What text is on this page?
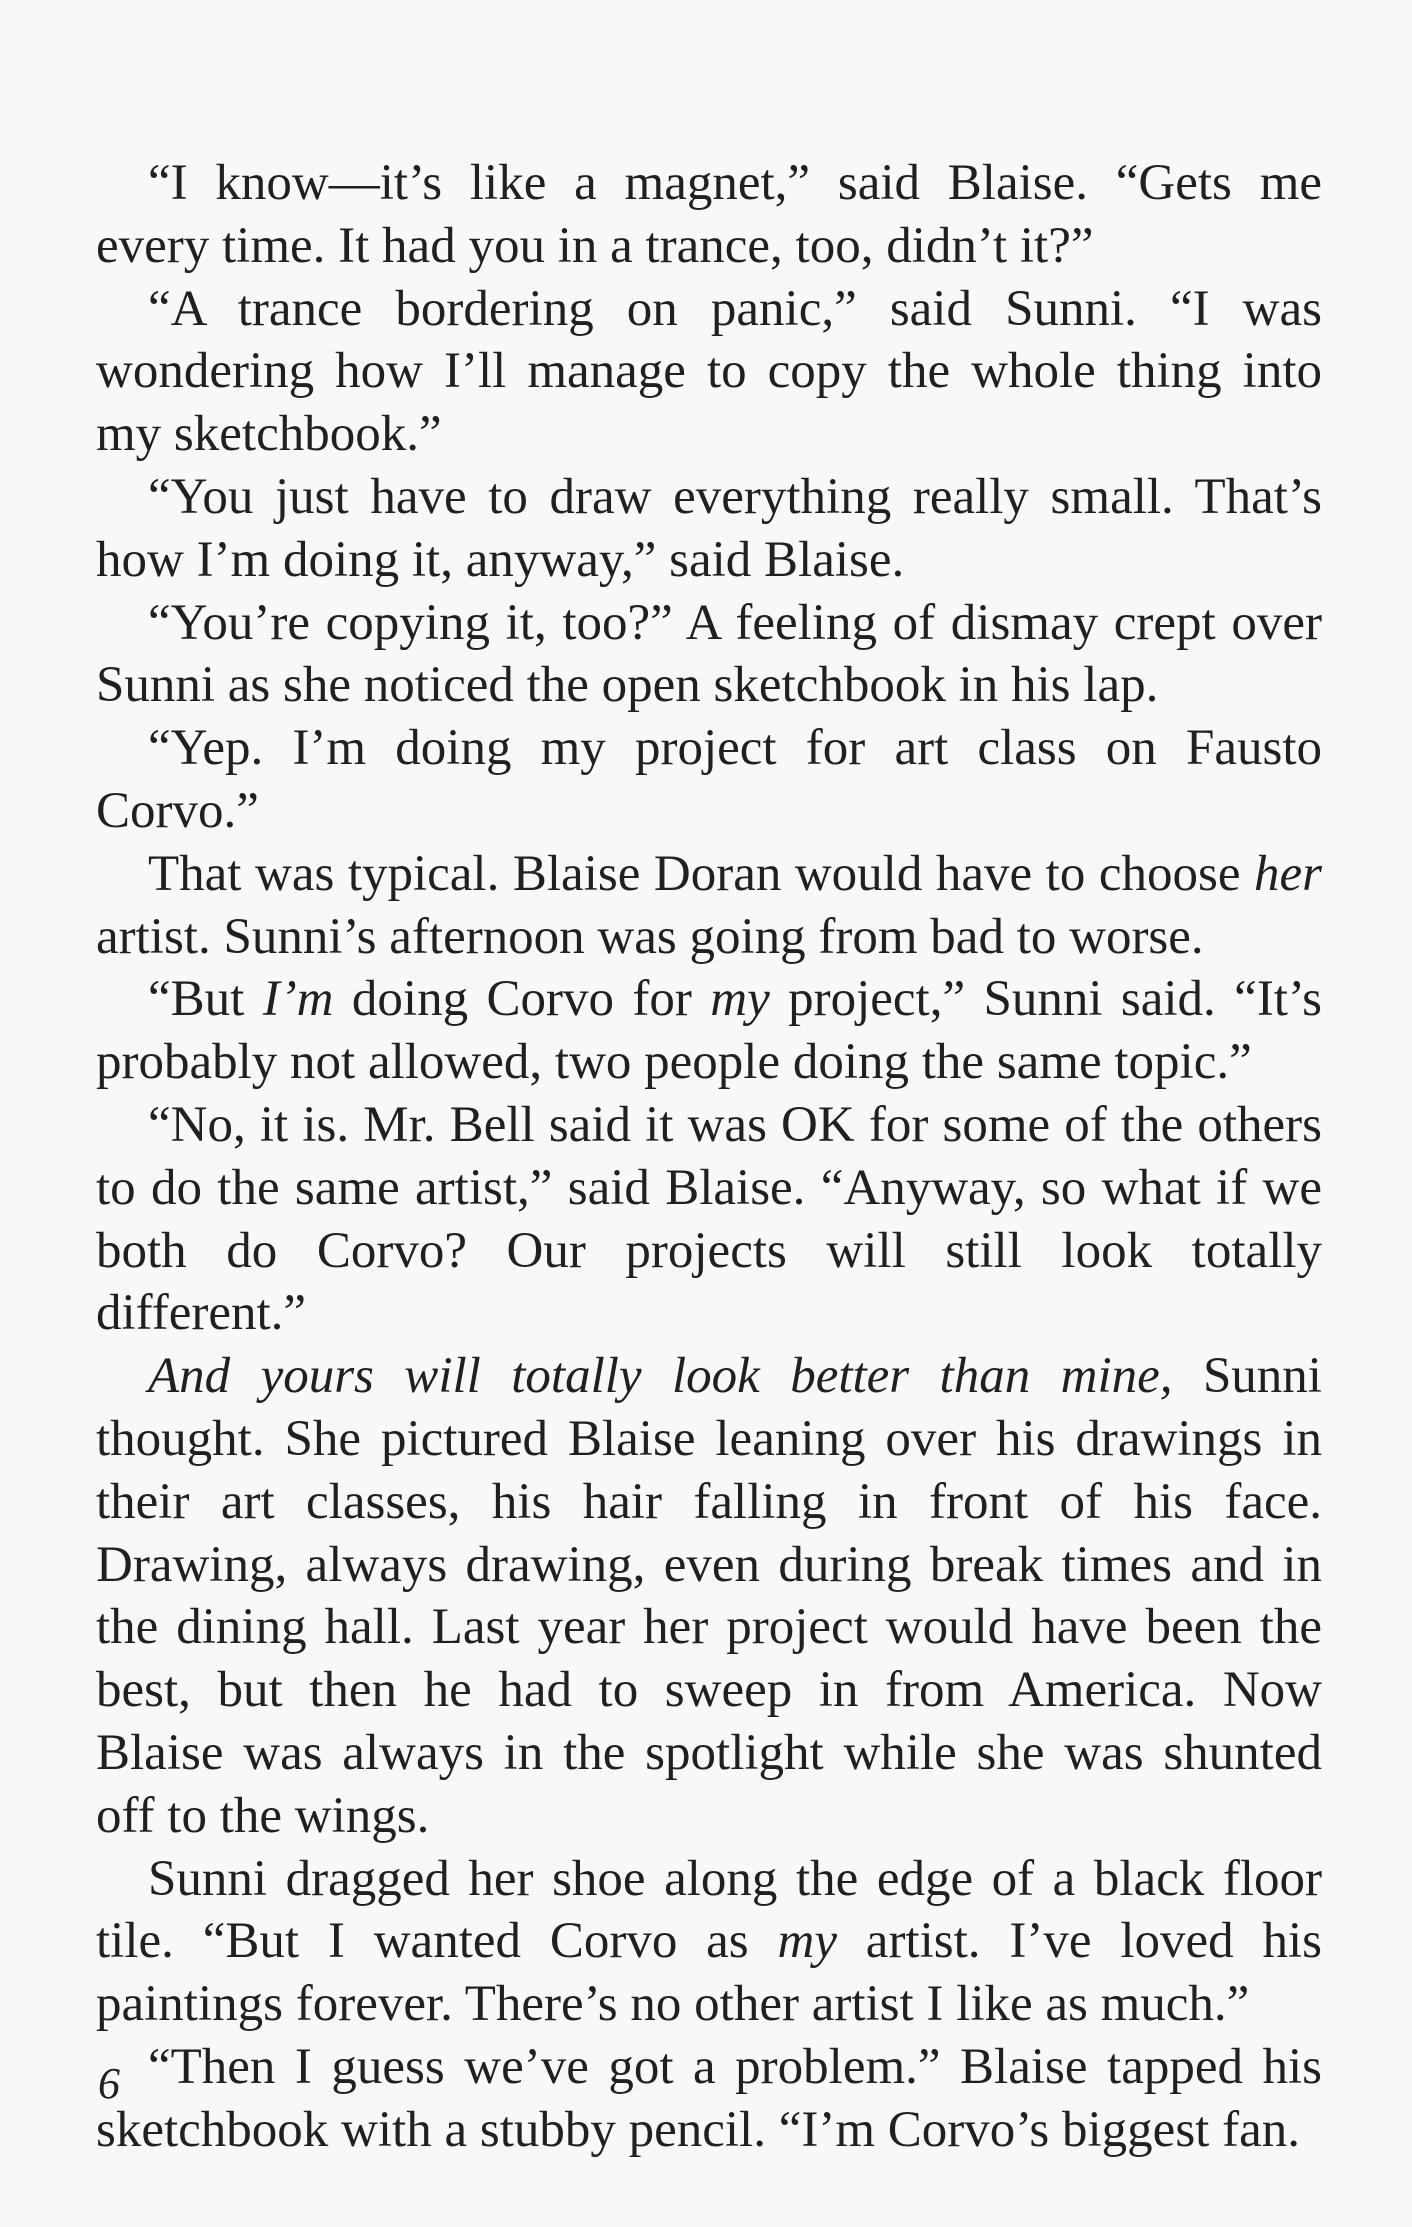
“I know—it’s like a magnet,” said Blaise. “Gets me every time. It had you in a trance, too, didn’t it?”

“A trance bordering on panic,” said Sunni. “I was wondering how I’ll manage to copy the whole thing into my sketchbook.”

“You just have to draw everything really small. That’s how I’m doing it, anyway,” said Blaise.

“You’re copying it, too?” A feeling of dismay crept over Sunni as she noticed the open sketchbook in his lap.

“Yep. I’m doing my project for art class on Fausto Corvo.”

That was typical. Blaise Doran would have to choose her artist. Sunni’s afternoon was going from bad to worse.

“But I’m doing Corvo for my project,” Sunni said. “It’s probably not allowed, two people doing the same topic.”

“No, it is. Mr. Bell said it was OK for some of the others to do the same artist,” said Blaise. “Anyway, so what if we both do Corvo? Our projects will still look totally different.”

And yours will totally look better than mine, Sunni thought. She pictured Blaise leaning over his drawings in their art classes, his hair falling in front of his face. Drawing, always drawing, even during break times and in the dining hall. Last year her project would have been the best, but then he had to sweep in from America. Now Blaise was always in the spotlight while she was shunted off to the wings.

Sunni dragged her shoe along the edge of a black floor tile. “But I wanted Corvo as my artist. I’ve loved his paintings forever. There’s no other artist I like as much.”

“Then I guess we’ve got a problem.” Blaise tapped his sketchbook with a stubby pencil. “I’m Corvo’s biggest fan.

6
